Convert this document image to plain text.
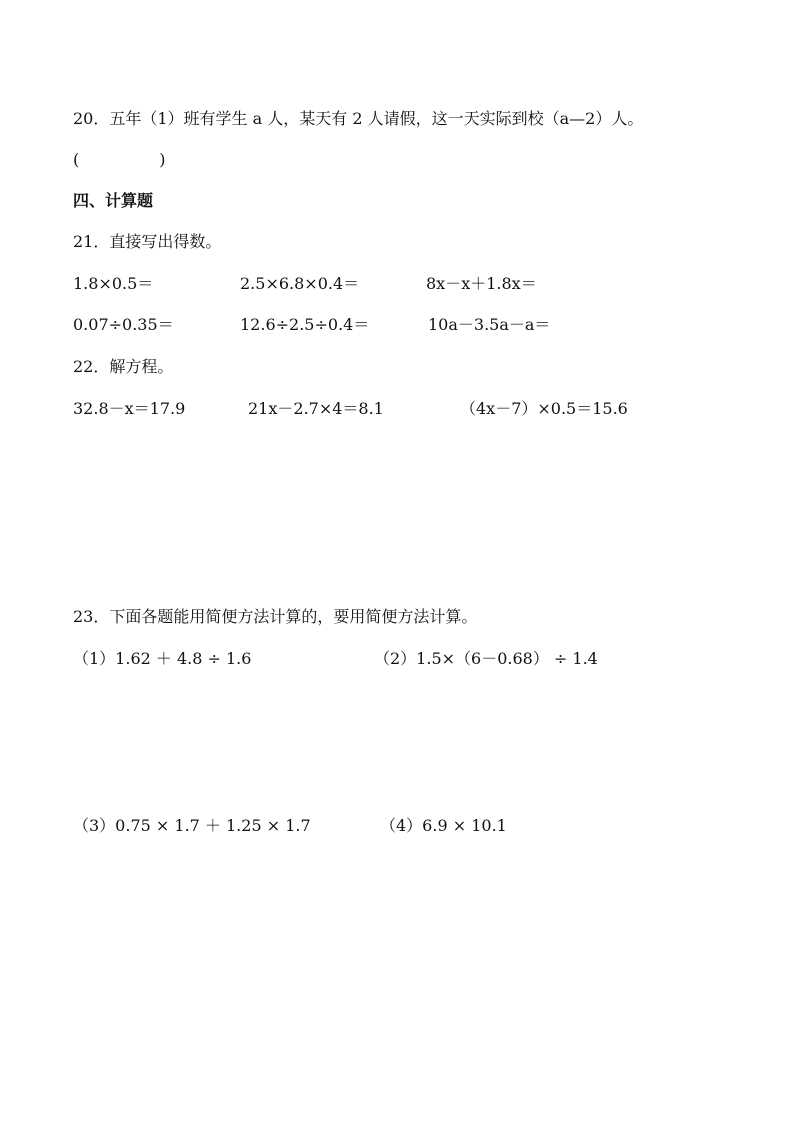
20．五年（1）班有学生 a 人，某天有 2 人请假，这一天实际到校（a—2）人。
(	)
四、计算题
21．直接写出得数。
1.8×0.5＝	2.5×6.8×0.4＝	8x－x＋1.8x＝
0.07÷0.35＝	12.6÷2.5÷0.4＝	10a－3.5a－a＝
22．解方程。
32.8－x＝17.9	21x－2.7×4＝8.1	（4x－7）×0.5＝15.6
23．下面各题能用简便方法计算的，要用简便方法计算。
（1）1.62 ＋ 4.8 ÷ 1.6	（2）1.5×（6－0.68） ÷ 1.4
（3）0.75 × 1.7 ＋ 1.25 × 1.7	（4）6.9 × 10.1
